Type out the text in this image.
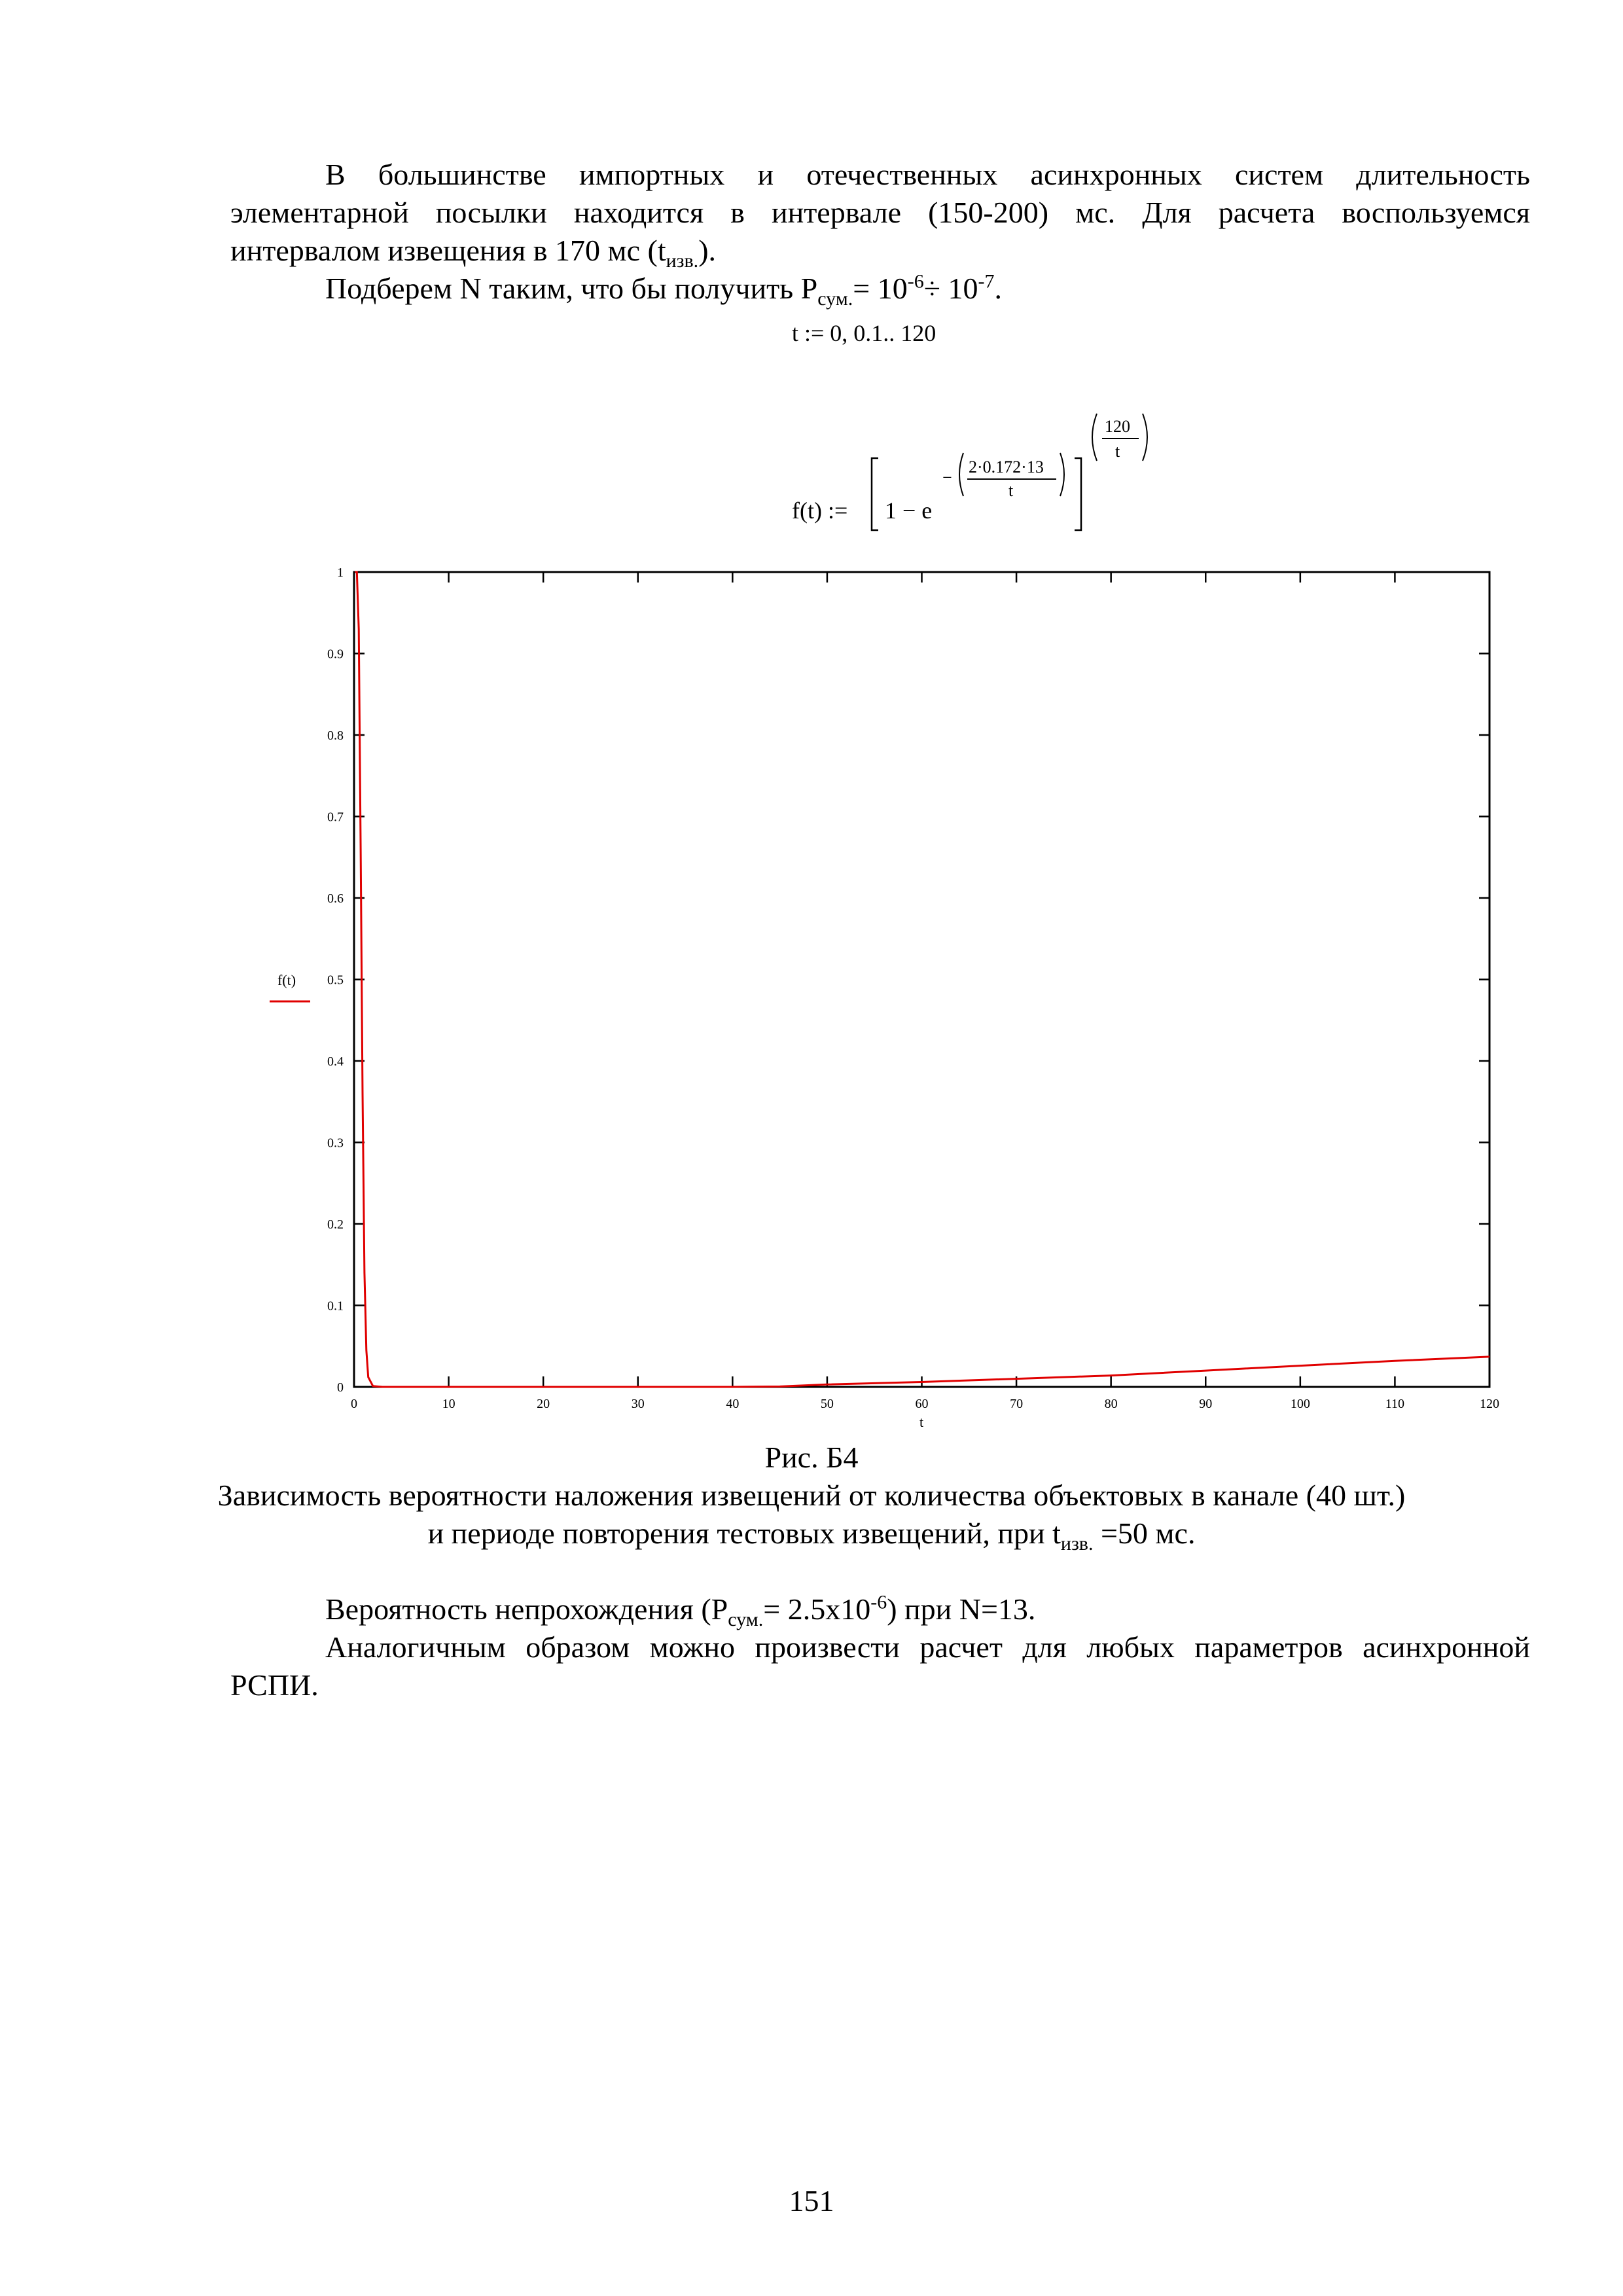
В большинстве импортных и отечественных асинхронных систем длительность

элементарной посылки находится в интервале (150-200) мс. Для расчета воспользуемся

интервалом извещения в 170 мс $(t_{изв.})$.

Подберем N таким, что бы получить $P_{сум.}= 10^{-6}\div 10^{-7}$.

t := 0, 0.1.. 120
f(t) := 1 − e
−
2·0.172·13
t
120
t
0	10	20	30	40	50	60	70	80	90	100	110	120
0
0.1
0.2
0.3
0.4
0.5
0.6
0.7
0.8
0.9
1
t
f(t)

Рис. Б4

Зависимость вероятности наложения извещений от количества объектовых в канале (40 шт.)

и периоде повторения тестовых извещений, при $t_{изв.} =50$ мс.

Вероятность непрохождения $(P_{сум.}= 2.5х10^{-6})$ при N=13.

Аналогичным образом можно произвести расчет для любых параметров асинхронной

РСПИ.

151
